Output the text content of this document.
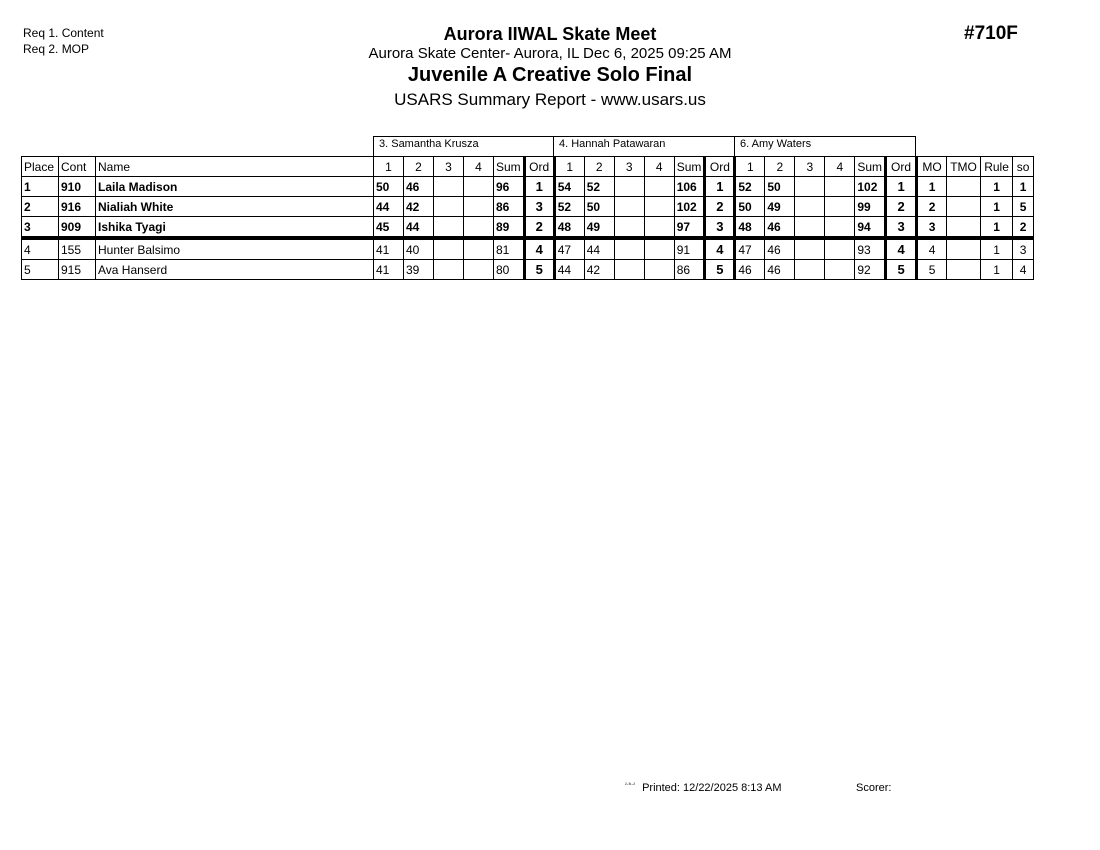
Req 1. Content
Req 2. MOP
Aurora IIWAL Skate Meet
Aurora Skate Center- Aurora, IL Dec 6, 2025 09:25 AM
Juvenile A Creative Solo Final
USARS Summary Report - www.usars.us
#710F
3. Samantha Krusza	4. Hannah Patawaran	6. Amy Waters
Place	Cont	Name	1	2	3	4	Sum	Ord	1	2	3	4	Sum	Ord	1	2	3	4	Sum	Ord	MO	TMO	Rule	so
1	910	Laila Madison	50	46			96	1	54	52			106	1	52	50			102	1	1		1	1
2	916	Nialiah White	44	42			86	3	52	50			102	2	50	49			99	2	2		1	5
3	909	Ishika Tyagi	45	44			89	2	48	49			97	3	48	46			94	3	3		1	2
4	155	Hunter Balsimo	41	40			81	4	47	44			91	4	47	46			93	4	4		1	3
5	915	Ava Hanserd	41	39			80	5	44	42			86	5	46	46			92	5	5		1	4
$^{^2\cdot^{31}\cdot^2}$ Printed: 12/22/2025 8:13 AM	Scorer:
